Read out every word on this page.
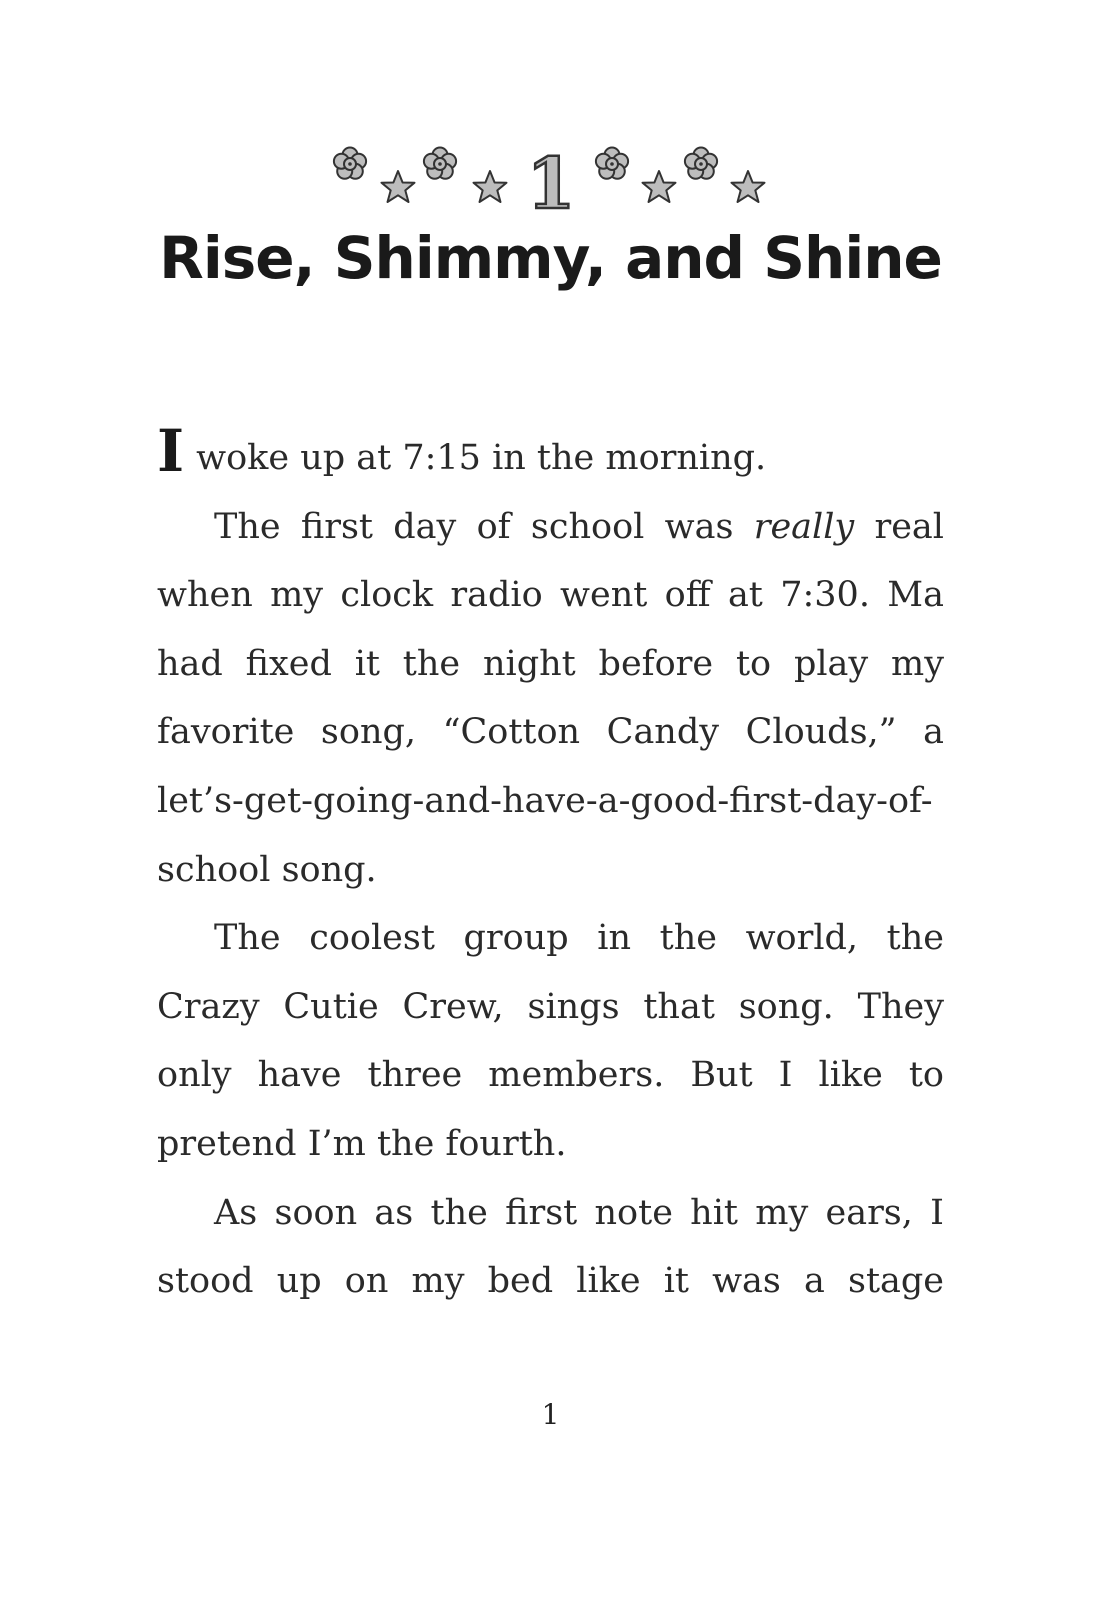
1
Rise, Shimmy, and Shine

Iwoke up at 7:15 in the morning.

The first day of school was really real when my clock radio went off at 7:30. Ma had fixed it the night before to play my favorite song, “Cotton Candy Clouds,” a let’s-get-going-and-have-a-good-first-day-of-school song.

The coolest group in the world, the Crazy Cutie Crew, sings that song. They only have three members. But I like to pretend I’m the fourth.

As soon as the first note hit my ears, I stood up on my bed like it was a stage

1
